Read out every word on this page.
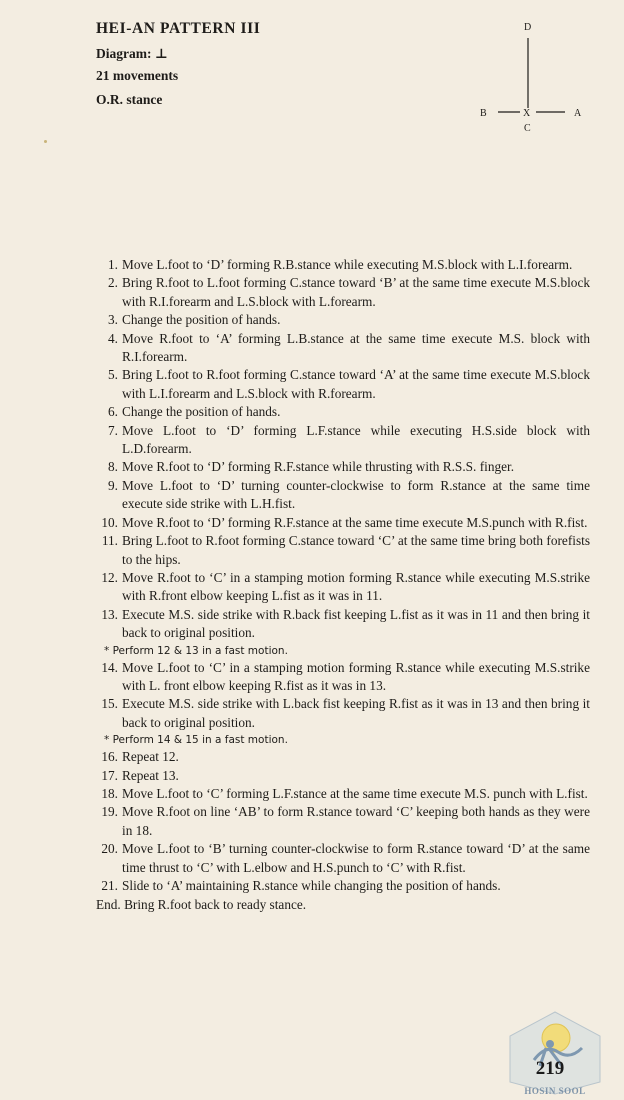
HEI-AN PATTERN III
Diagram: ⊥
21 movements
O.R. stance
D
B	X	A
C
1. Move L.foot to ‘D’ forming R.B.stance while executing M.S.block with L.I.forearm.
2. Bring R.foot to L.foot forming C.stance toward ‘B’ at the same time execute M.S.block with R.I.forearm and L.S.block with L.forearm.
3. Change the position of hands.
4. Move R.foot to ‘A’ forming L.B.stance at the same time execute M.S. block with R.I.forearm.
5. Bring L.foot to R.foot forming C.stance toward ‘A’ at the same time execute M.S.block with L.I.forearm and L.S.block with R.forearm.
6. Change the position of hands.
7. Move L.foot to ‘D’ forming L.F.stance while executing H.S.side block with L.D.forearm.
8. Move R.foot to ‘D’ forming R.F.stance while thrusting with R.S.S. finger.
9. Move L.foot to ‘D’ turning counter-clockwise to form R.stance at the same time execute side strike with L.H.fist.
10. Move R.foot to ‘D’ forming R.F.stance at the same time execute M.S.punch with R.fist.
11. Bring L.foot to R.foot forming C.stance toward ‘C’ at the same time bring both forefists to the hips.
12. Move R.foot to ‘C’ in a stamping motion forming R.stance while executing M.S.strike with R.front elbow keeping L.fist as it was in 11.
13. Execute M.S. side strike with R.back fist keeping L.fist as it was in 11 and then bring it back to original position.
* Perform 12 & 13 in a fast motion.
14. Move L.foot to ‘C’ in a stamping motion forming R.stance while executing M.S.strike with L. front elbow keeping R.fist as it was in 13.
15. Execute M.S. side strike with L.back fist keeping R.fist as it was in 13 and then bring it back to original position.
* Perform 14 & 15 in a fast motion.
16. Repeat 12.
17. Repeat 13.
18. Move L.foot to ‘C’ forming L.F.stance at the same time execute M.S. punch with L.fist.
19. Move R.foot on line ‘AB’ to form R.stance toward ‘C’ keeping both hands as they were in 18.
20. Move L.foot to ‘B’ turning counter-clockwise to form R.stance toward ‘D’ at the same time thrust to ‘C’ with L.elbow and H.S.punch to ‘C’ with R.fist.
21. Slide to ‘A’ maintaining R.stance while changing the position of hands.
End. Bring R.foot back to ready stance.
219
HOSIN SOOL
